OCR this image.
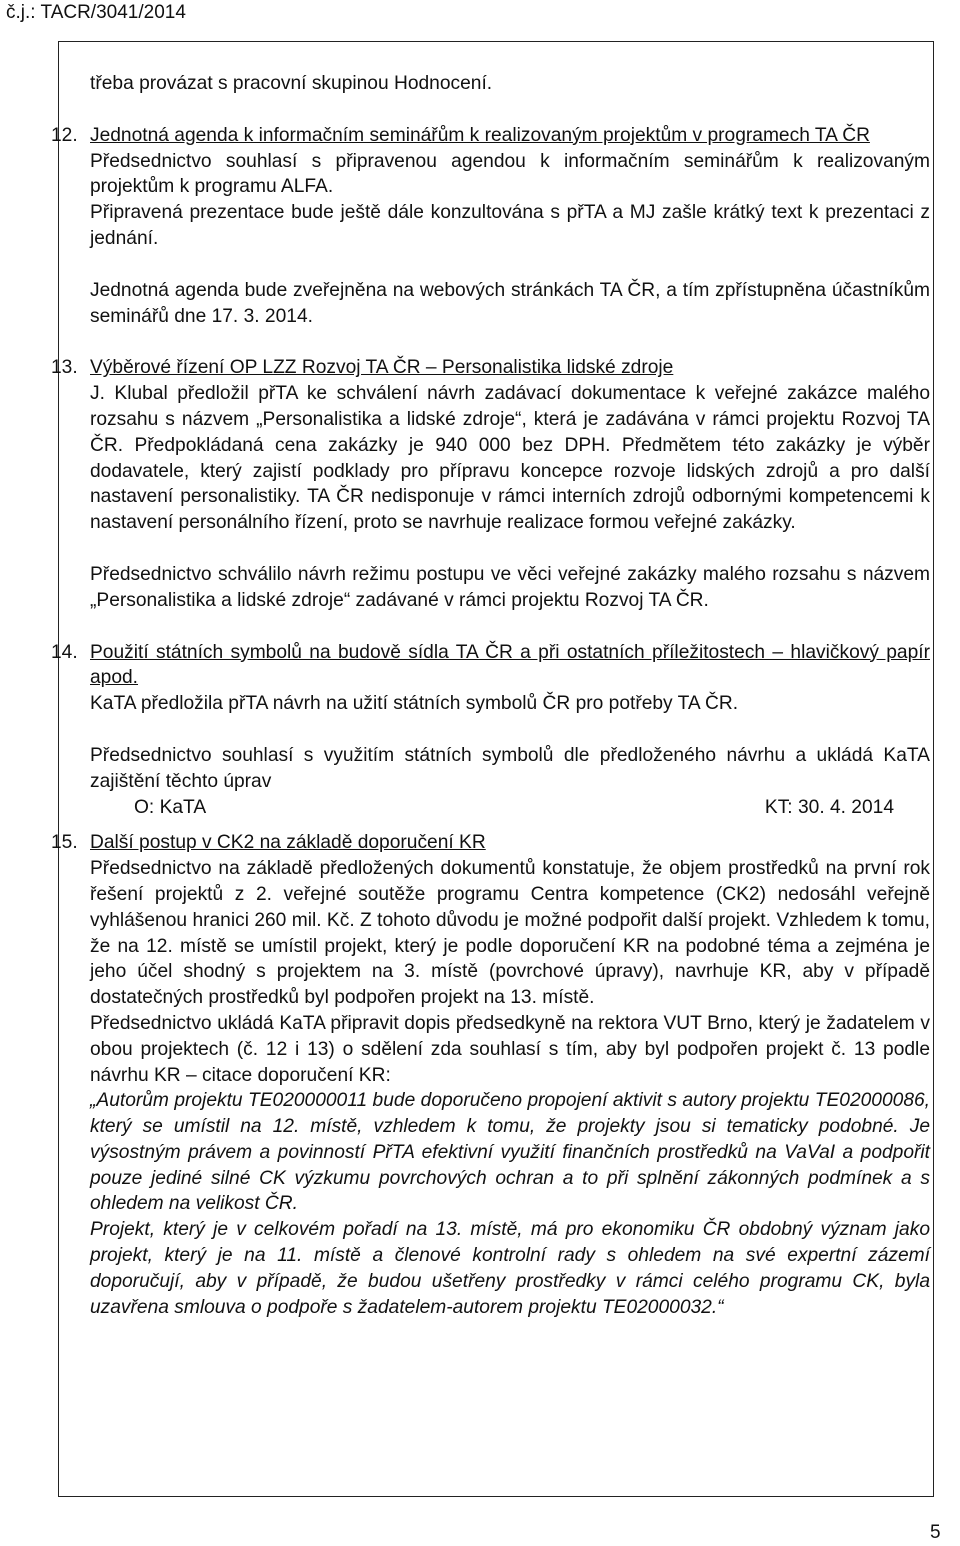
č.j.: TACR/3041/2014

třeba provázat s pracovní skupinou Hodnocení.

12. Jednotná agenda k informačním seminářům k realizovaným projektům v programech TA ČR

Předsednictvo souhlasí s připravenou agendou k informačním seminářům k realizovaným projektům k programu ALFA.

Připravená prezentace bude ještě dále konzultována s přTA a MJ zašle krátký text k prezentaci z jednání.

Jednotná agenda bude zveřejněna na webových stránkách TA ČR, a tím zpřístupněna účastníkům seminářů dne 17. 3. 2014.

13. Výběrové řízení OP LZZ Rozvoj TA ČR – Personalistika lidské zdroje

J. Klubal předložil přTA ke schválení návrh zadávací dokumentace k veřejné zakázce malého rozsahu s názvem „Personalistika a lidské zdroje“, která je zadávána v rámci projektu Rozvoj TA ČR. Předpokládaná cena zakázky je 940 000 bez DPH. Předmětem této zakázky je výběr dodavatele, který zajistí podklady pro přípravu koncepce rozvoje lidských zdrojů a pro další nastavení personalistiky. TA ČR nedisponuje v rámci interních zdrojů odbornými kompetencemi k nastavení personálního řízení, proto se navrhuje realizace formou veřejné zakázky.

Předsednictvo schválilo návrh režimu postupu ve věci veřejné zakázky malého rozsahu s názvem „Personalistika a lidské zdroje“ zadávané v rámci projektu Rozvoj TA ČR.

14. Použití státních symbolů na budově sídla TA ČR a při ostatních příležitostech – hlavičkový papír apod.

KaTA předložila přTA návrh na užití státních symbolů ČR pro potřeby TA ČR.

Předsednictvo souhlasí s využitím státních symbolů dle předloženého návrhu a ukládá KaTA zajištění těchto úprav

O: KaTA	KT: 30. 4. 2014
15. Další postup v CK2 na základě doporučení KR

Předsednictvo na základě předložených dokumentů konstatuje, že objem prostředků na první rok řešení projektů z 2. veřejné soutěže programu Centra kompetence (CK2) nedosáhl veřejně vyhlášenou hranici 260 mil. Kč. Z tohoto důvodu je možné podpořit další projekt. Vzhledem k tomu, že na 12. místě se umístil projekt, který je podle doporučení KR na podobné téma a zejména je jeho účel shodný s projektem na 3. místě (povrchové úpravy), navrhuje KR, aby v případě dostatečných prostředků byl podpořen projekt na 13. místě.

Předsednictvo ukládá KaTA připravit dopis předsedkyně na rektora VUT Brno, který je žadatelem v obou projektech (č. 12 i 13) o sdělení zda souhlasí s tím, aby byl podpořen projekt č. 13 podle návrhu KR – citace doporučení KR:

„Autorům projektu TE020000011 bude doporučeno propojení aktivit s autory projektu TE02000086, který se umístil na 12. místě, vzhledem k tomu, že projekty jsou si tematicky podobné. Je výsostným právem a povinností PřTA efektivní využití finančních prostředků na VaVaI a podpořit pouze jediné silné CK výzkumu povrchových ochran a to při splnění zákonných podmínek a s ohledem na velikost ČR.

Projekt, který je v celkovém pořadí na 13. místě, má pro ekonomiku ČR obdobný význam jako projekt, který je na 11. místě a členové kontrolní rady s ohledem na své expertní zázemí doporučují, aby v případě, že budou ušetřeny prostředky v rámci celého programu CK, byla uzavřena smlouva o podpoře s žadatelem-autorem projektu TE02000032.“

5
